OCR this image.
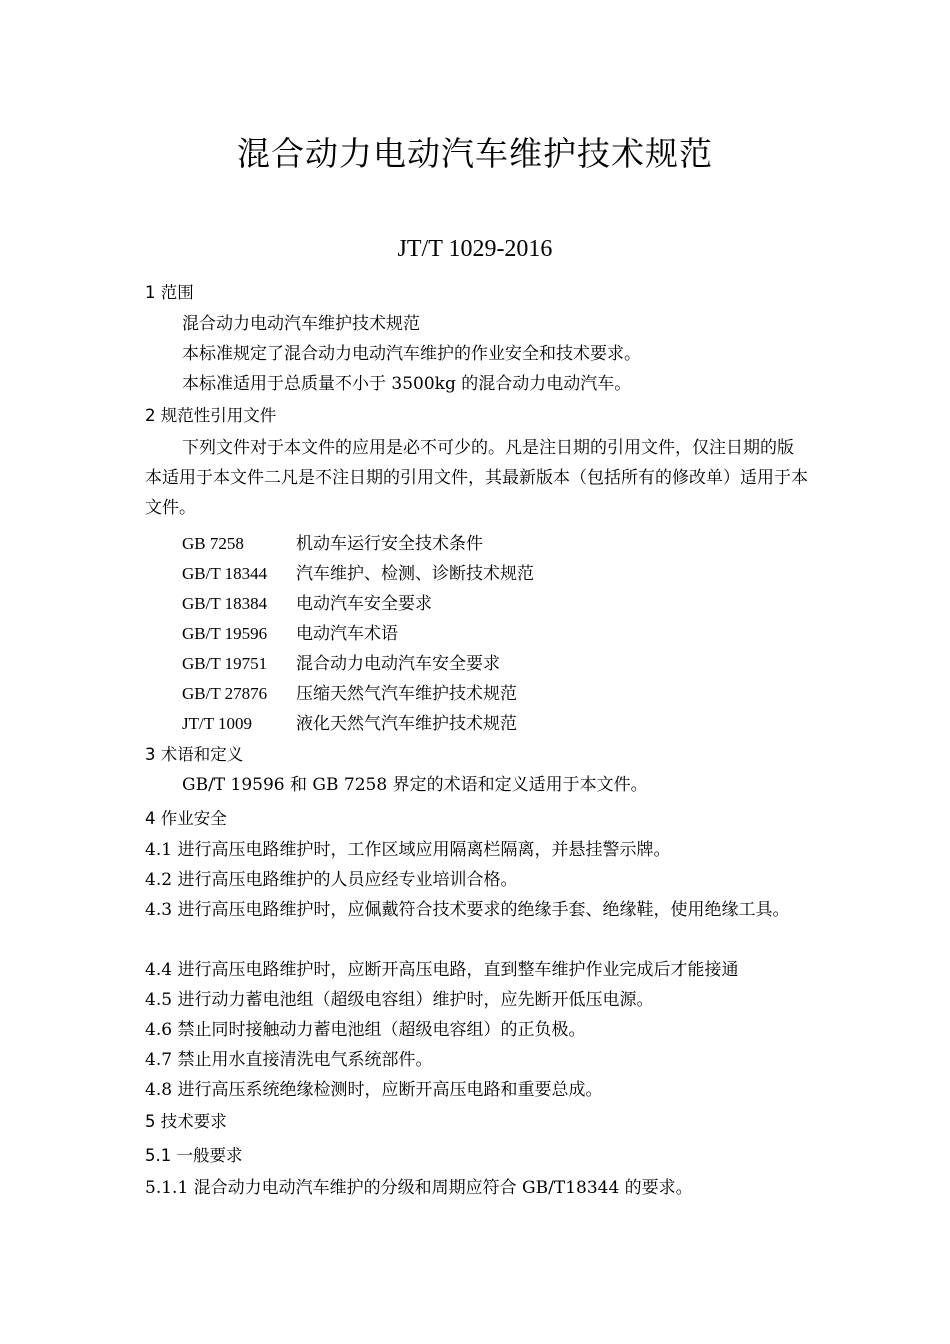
混合动力电动汽车维护技术规范
JT/T 1029-2016
1 范围
混合动力电动汽车维护技术规范
本标准规定了混合动力电动汽车维护的作业安全和技术要求。
本标准适用于总质量不小于 3500kg 的混合动力电动汽车。
2 规范性引用文件
下列文件对于本文件的应用是必不可少的。凡是注日期的引用文件，仅注日期的版本适用于本文件二凡是不注日期的引用文件，其最新版本（包括所有的修改单）适用于本文件。
GB 7258	机动车运行安全技术条件
GB/T 18344 汽车维护、检测、诊断技术规范
GB/T 18384 电动汽车安全要求
GB/T 19596 电动汽车术语
GB/T 19751 混合动力电动汽车安全要求
GB/T 27876 压缩天然气汽车维护技术规范
JT/T 1009	液化天然气汽车维护技术规范
3 术语和定义
GB/T 19596 和 GB 7258 界定的术语和定义适用于本文件。
4 作业安全
4.1 进行高压电路维护时，工作区域应用隔离栏隔离，并悬挂警示牌。
4.2 进行高压电路维护的人员应经专业培训合格。
4.3 进行高压电路维护时，应佩戴符合技术要求的绝缘手套、绝缘鞋，使用绝缘工具。
4.4 进行高压电路维护时，应断开高压电路，直到整车维护作业完成后才能接通
4.5 进行动力蓄电池组（超级电容组）维护时，应先断开低压电源。
4.6 禁止同时接触动力蓄电池组（超级电容组）的正负极。
4.7 禁止用水直接清洗电气系统部件。
4.8 进行高压系统绝缘检测时，应断开高压电路和重要总成。
5 技术要求
5.1 一般要求
5.1.1 混合动力电动汽车维护的分级和周期应符合 GB/T18344 的要求。
